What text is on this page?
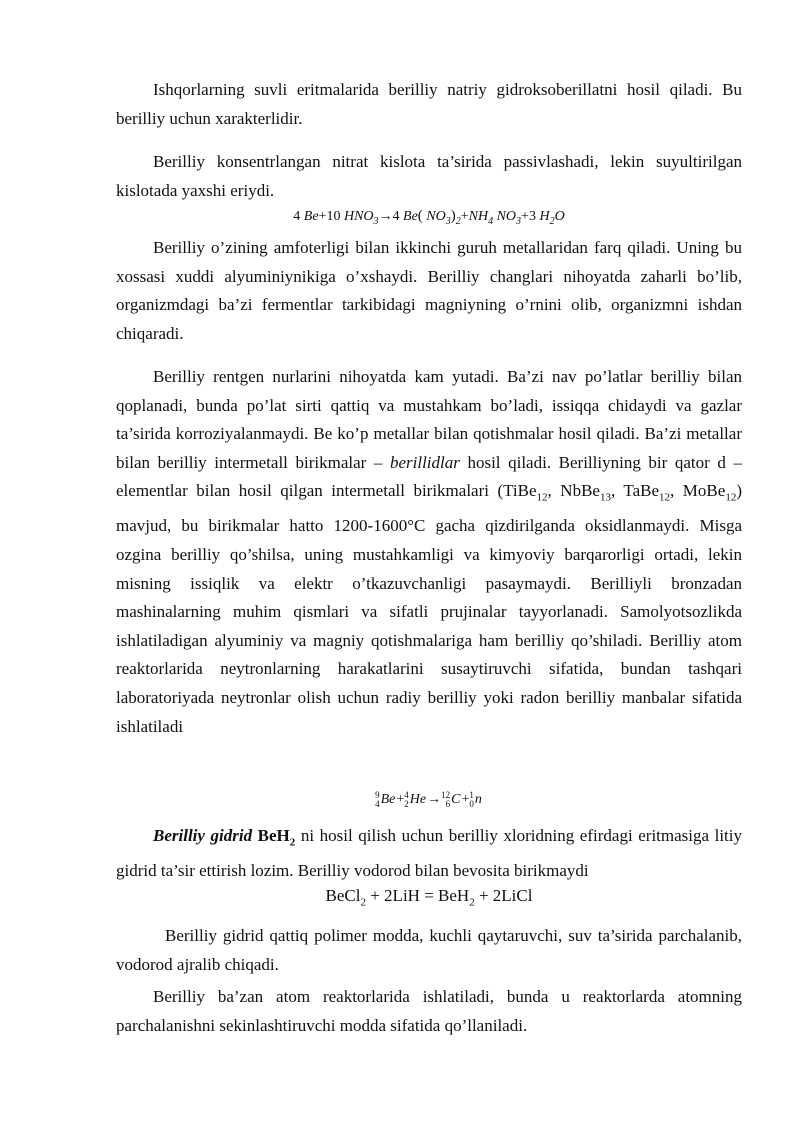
Ishqorlarning suvli eritmalarida berilliy natriy gidroksoberillatni hosil qiladi. Bu berilliy uchun xarakterlidir.

Berilliy konsentrlangan nitrat kislota ta’sirida passivlashadi, lekin suyultirilgan kislotada yaxshi eriydi.

4 Be+10 $HNO_3\to 4$ Be( $NO_3)_2+NH_4$ $NO_3+3$ $H_2O$

Berilliy o’zining amfoterligi bilan ikkinchi guruh metallaridan farq qiladi. Uning bu xossasi xuddi alyuminiynikiga o’xshaydi. Berilliy changlari nihoyatda zaharli bo’lib, organizmdagi ba’zi fermentlar tarkibidagi magniyning o’rnini olib, organizmni ishdan chiqaradi.

Berilliy rentgen nurlarini nihoyatda kam yutadi. Ba’zi nav po’latlar berilliy bilan qoplanadi, bunda po’lat sirti qattiq va mustahkam bo’ladi, issiqqa chidaydi va gazlar ta’sirida korroziyalanmaydi. Be ko’p metallar bilan qotishmalar hosil qiladi. Ba’zi metallar bilan berilliy intermetall birikmalar – berillidlar hosil qiladi. Berilliyning bir qator d – elementlar bilan hosil qilgan intermetall birikmalari (TiBe$_{12}$, NbBe$_{13}$, TaBe$_{12}$, MoBe$_{12}$) mavjud, bu birikmalar hatto 1200-1600°C gacha qizdirilganda oksidlanmaydi. Misga ozgina berilliy qo’shilsa, uning mustahkamligi va kimyoviy barqarorligi ortadi, lekin misning issiqlik va elektr o’tkazuvchanligi pasaymaydi. Berilliyli bronzadan mashinalarning muhim qismlari va sifatli prujinalar tayyorlanadi. Samolyotsozlikda ishlatiladigan alyuminiy va magniy qotishmalariga ham berilliy qo’shiladi. Berilliy atom reaktorlarida neytronlarning harakatlarini susaytiruvchi sifatida, bundan tashqari laboratoriyada neytronlar olish uchun radiy berilliy yoki radon berilliy manbalar sifatida ishlatiladi

9
4 Be+ 4
2 He→ 12
6 C+ 1
0 n

Berilliy gidrid BeH$_2$ ni hosil qilish uchun berilliy xloridning efirdagi eritmasiga litiy gidrid ta’sir ettirish lozim. Berilliy vodorod bilan bevosita birikmaydi

BeCl$_2$ + 2LiH = BeH$_2$ + 2LiCl

Berilliy gidrid qattiq polimer modda, kuchli qaytaruvchi, suv ta’sirida parchalanib, vodorod ajralib chiqadi.

Berilliy ba’zan atom reaktorlarida ishlatiladi, bunda u reaktorlarda atomning parchalanishni sekinlashtiruvchi modda sifatida qo’llaniladi.
